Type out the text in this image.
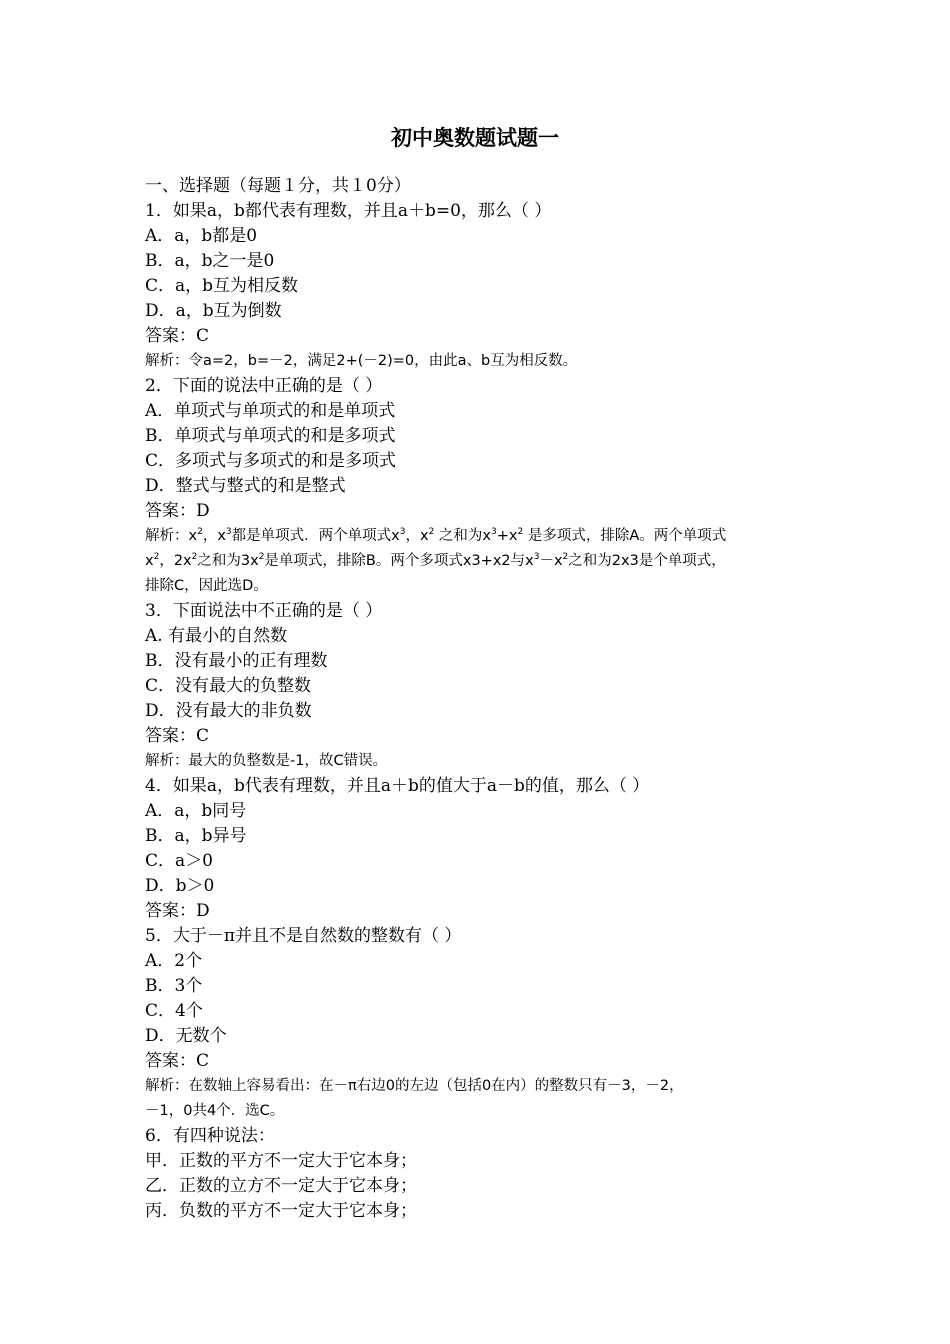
初中奥数题试题一
一、选择题（每题１分，共１0分）
1．如果a，b都代表有理数，并且a＋b=0，那么（ ）
A．a，b都是0
B．a，b之一是0
C．a，b互为相反数
D．a，b互为倒数
答案：C
解析：令a=2，b=－2，满足2+(－2)=0，由此a、b互为相反数。
2．下面的说法中正确的是（ ）
A．单项式与单项式的和是单项式
B．单项式与单项式的和是多项式
C．多项式与多项式的和是多项式
D．整式与整式的和是整式
答案：D
解析：$x^2$，$x^3$都是单项式．两个单项式$x^3$，$x^2$ 之和为$x^3+x^2$ 是多项式，排除A。两个单项式
$x^2$，$2x^2$之和为$3x^2$是单项式，排除B。两个多项式x3+x2与$x^3-x^2$之和为2x3是个单项式，
排除C，因此选D。
3．下面说法中不正确的是（ ）
A. 有最小的自然数
B．没有最小的正有理数
C．没有最大的负整数
D．没有最大的非负数
答案：C
解析：最大的负整数是-1，故C错误。
4．如果a，b代表有理数，并且a＋b的值大于a－b的值，那么（ ）
A．a，b同号
B．a，b异号
C．a＞0
D．b＞0
答案：D
5．大于－π并且不是自然数的整数有（ ）
A．2个
B．3个
C．4个
D．无数个
答案：C
解析：在数轴上容易看出：在－π右边0的左边（包括0在内）的整数只有－3，－2，
－1，0共4个．选C。
6．有四种说法：
甲．正数的平方不一定大于它本身；
乙．正数的立方不一定大于它本身；
丙．负数的平方不一定大于它本身；
